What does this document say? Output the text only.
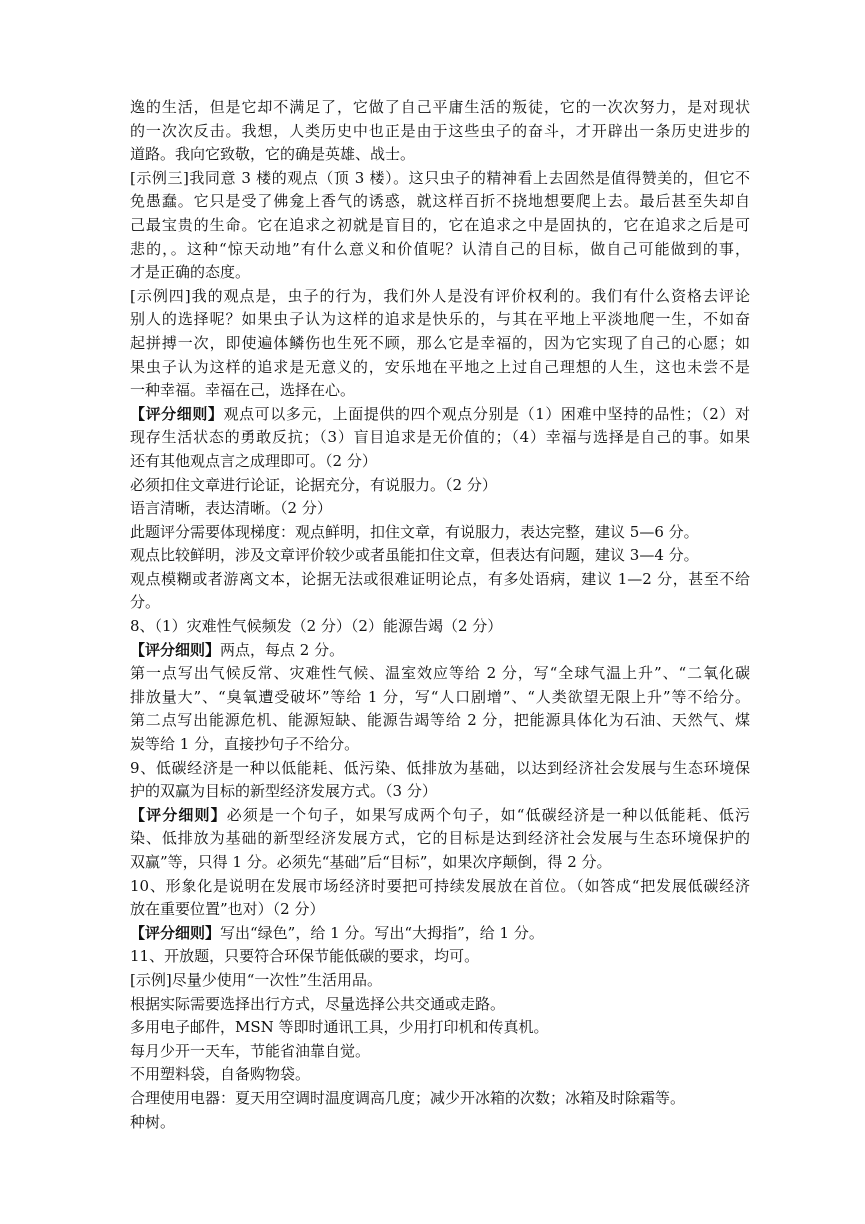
逸的生活，但是它却不满足了，它做了自己平庸生活的叛徒，它的一次次努力，是对现状
的一次次反击。我想，人类历史中也正是由于这些虫子的奋斗，才开辟出一条历史进步的
道路。我向它致敬，它的确是英雄、战士。
[示例三]我同意 3 楼的观点（顶 3 楼）。这只虫子的精神看上去固然是值得赞美的，但它不
免愚蠢。它只是受了佛龛上香气的诱惑，就这样百折不挠地想要爬上去。最后甚至失却自
己最宝贵的生命。它在追求之初就是盲目的，它在追求之中是固执的，它在追求之后是可
悲的，。这种“惊天动地”有什么意义和价值呢？认清自己的目标，做自己可能做到的事，
才是正确的态度。
[示例四]我的观点是，虫子的行为，我们外人是没有评价权利的。我们有什么资格去评论
别人的选择呢？如果虫子认为这样的追求是快乐的，与其在平地上平淡地爬一生，不如奋
起拼搏一次，即使遍体鳞伤也生死不顾，那么它是幸福的，因为它实现了自己的心愿；如
果虫子认为这样的追求是无意义的，安乐地在平地之上过自己理想的人生，这也未尝不是
一种幸福。幸福在己，选择在心。
【评分细则】观点可以多元，上面提供的四个观点分别是（1）困难中坚持的品性；（2）对
现存生活状态的勇敢反抗；（3）盲目追求是无价值的；（4）幸福与选择是自己的事。如果
还有其他观点言之成理即可。（2 分）
必须扣住文章进行论证，论据充分，有说服力。（2 分）
语言清晰，表达清晰。（2 分）
此题评分需要体现梯度：观点鲜明，扣住文章，有说服力，表达完整，建议 5—6 分。
观点比较鲜明，涉及文章评价较少或者虽能扣住文章，但表达有问题，建议 3—4 分。
观点模糊或者游离文本，论据无法或很难证明论点，有多处语病，建议 1—2 分，甚至不给
分。
8、（1）灾难性气候频发（2 分）（2）能源告竭（2 分）
【评分细则】两点，每点 2 分。
第一点写出气候反常、灾难性气候、温室效应等给 2 分，写“全球气温上升”、“二氧化碳
排放量大”、“臭氧遭受破坏”等给 1 分，写“人口剧增”、“人类欲望无限上升”等不给分。
第二点写出能源危机、能源短缺、能源告竭等给 2 分，把能源具体化为石油、天然气、煤
炭等给 1 分，直接抄句子不给分。
9、低碳经济是一种以低能耗、低污染、低排放为基础，以达到经济社会发展与生态环境保
护的双赢为目标的新型经济发展方式。（3 分）
【评分细则】必须是一个句子，如果写成两个句子，如“低碳经济是一种以低能耗、低污
染、低排放为基础的新型经济发展方式，它的目标是达到经济社会发展与生态环境保护的
双赢”等，只得 1 分。必须先“基础”后“目标”，如果次序颠倒，得 2 分。
10、形象化是说明在发展市场经济时要把可持续发展放在首位。（如答成“把发展低碳经济
放在重要位置”也对）（2 分）
【评分细则】写出“绿色”，给 1 分。写出“大拇指”，给 1 分。
11、开放题，只要符合环保节能低碳的要求，均可。
[示例]尽量少使用“一次性”生活用品。
根据实际需要选择出行方式，尽量选择公共交通或走路。
多用电子邮件，MSN 等即时通讯工具，少用打印机和传真机。
每月少开一天车，节能省油靠自觉。
不用塑料袋，自备购物袋。
合理使用电器：夏天用空调时温度调高几度；减少开冰箱的次数；冰箱及时除霜等。
种树。
